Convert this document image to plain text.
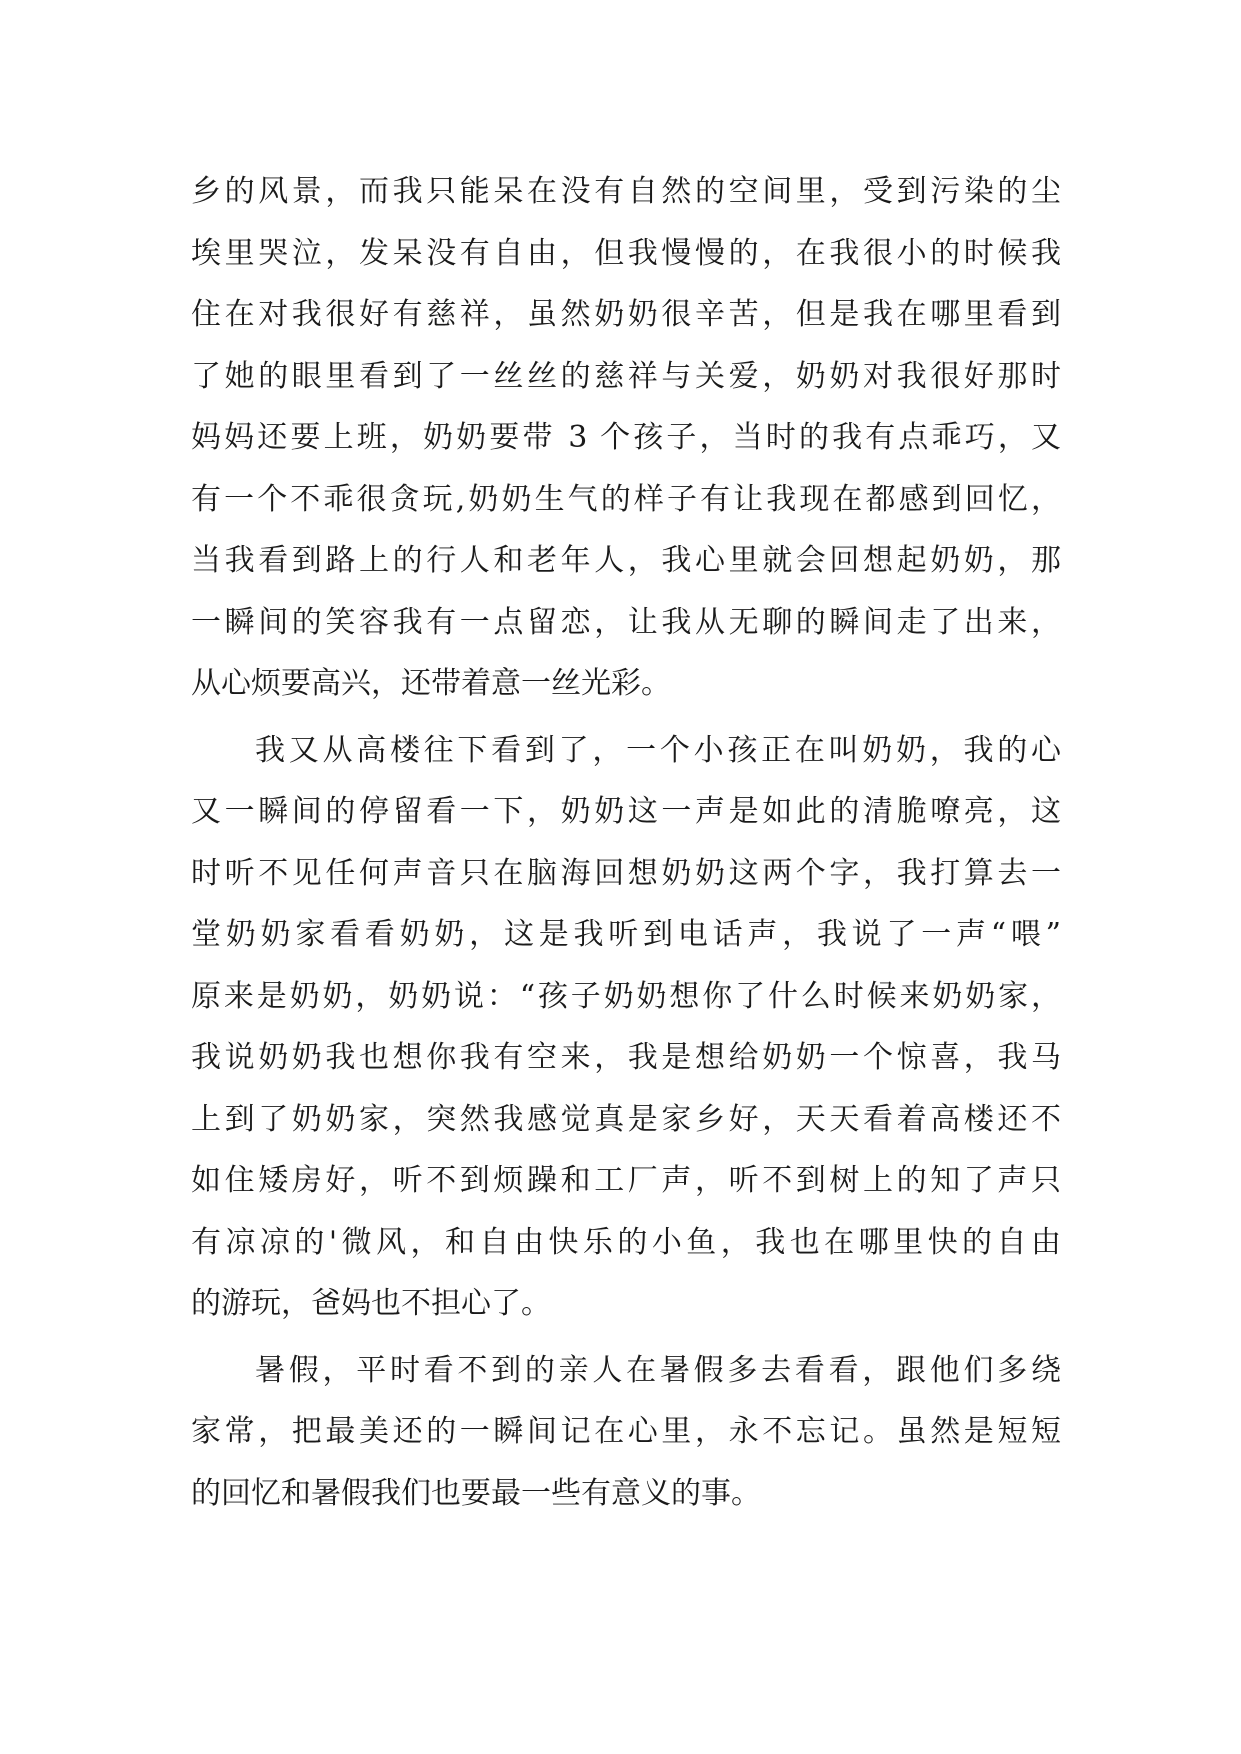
乡的风景，而我只能呆在没有自然的空间里，受到污染的尘
埃里哭泣，发呆没有自由，但我慢慢的，在我很小的时候我
住在对我很好有慈祥，虽然奶奶很辛苦，但是我在哪里看到
了她的眼里看到了一丝丝的慈祥与关爱，奶奶对我很好那时
妈妈还要上班，奶奶要带 3 个孩子，当时的我有点乖巧，又
有一个不乖很贪玩,奶奶生气的样子有让我现在都感到回忆，
当我看到路上的行人和老年人，我心里就会回想起奶奶，那
一瞬间的笑容我有一点留恋，让我从无聊的瞬间走了出来，
从心烦要高兴，还带着意一丝光彩。
我又从高楼往下看到了，一个小孩正在叫奶奶，我的心
又一瞬间的停留看一下，奶奶这一声是如此的清脆嘹亮，这
时听不见任何声音只在脑海回想奶奶这两个字，我打算去一
堂奶奶家看看奶奶，这是我听到电话声，我说了一声“喂”
原来是奶奶，奶奶说：“孩子奶奶想你了什么时候来奶奶家，
我说奶奶我也想你我有空来，我是想给奶奶一个惊喜，我马
上到了奶奶家，突然我感觉真是家乡好，天天看着高楼还不
如住矮房好，听不到烦躁和工厂声，听不到树上的知了声只
有凉凉的'微风，和自由快乐的小鱼，我也在哪里快的自由
的游玩，爸妈也不担心了。
暑假，平时看不到的亲人在暑假多去看看，跟他们多绕
家常，把最美还的一瞬间记在心里，永不忘记。虽然是短短
的回忆和暑假我们也要最一些有意义的事。
